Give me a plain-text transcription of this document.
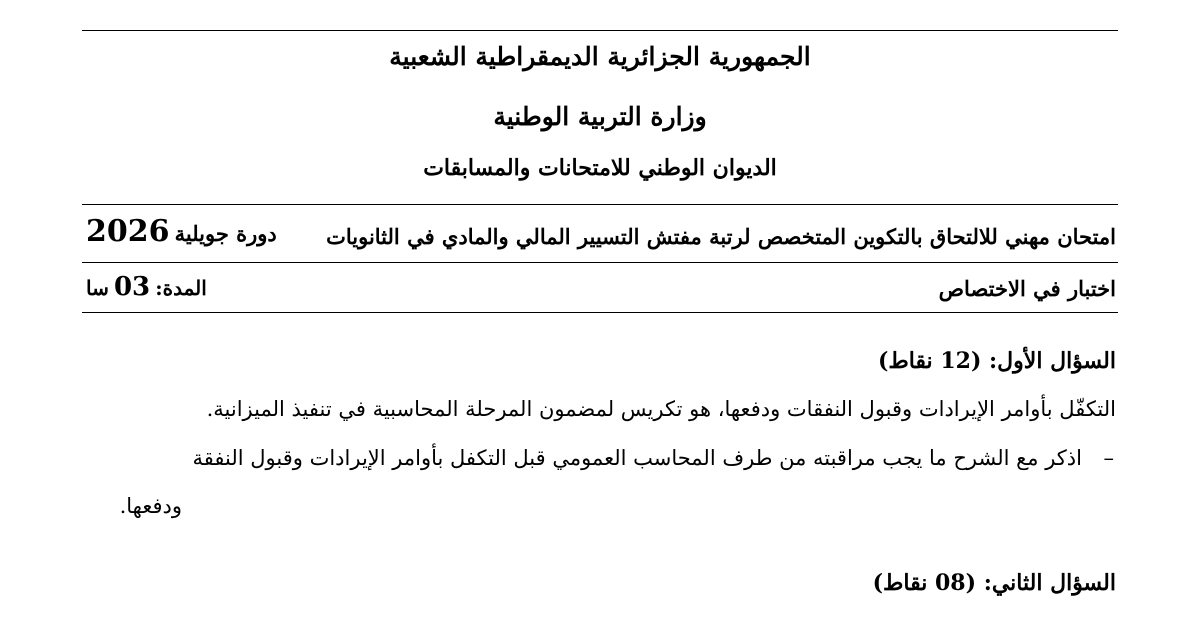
الجمهورية الجزائرية الديمقراطية الشعبية
وزارة التربية الوطنية
الديوان الوطني للامتحانات والمسابقات
امتحان مهني للالتحاق بالتكوين المتخصص لرتبة مفتش التسيير المالي والمادي في الثانويات
دورة جويلية 2026
اختبار في الاختصاص
المدة: 03 سا
السؤال الأول: (12 نقاط)
التكفّل بأوامر الإيرادات وقبول النفقات ودفعها، هو تكريس لمضمون المرحلة المحاسبية في تنفيذ الميزانية.
–
اذكر مع الشرح ما يجب مراقبته من طرف المحاسب العمومي قبل التكفل بأوامر الإيرادات وقبول النفقة
ودفعها.
السؤال الثاني: (08 نقاط)
